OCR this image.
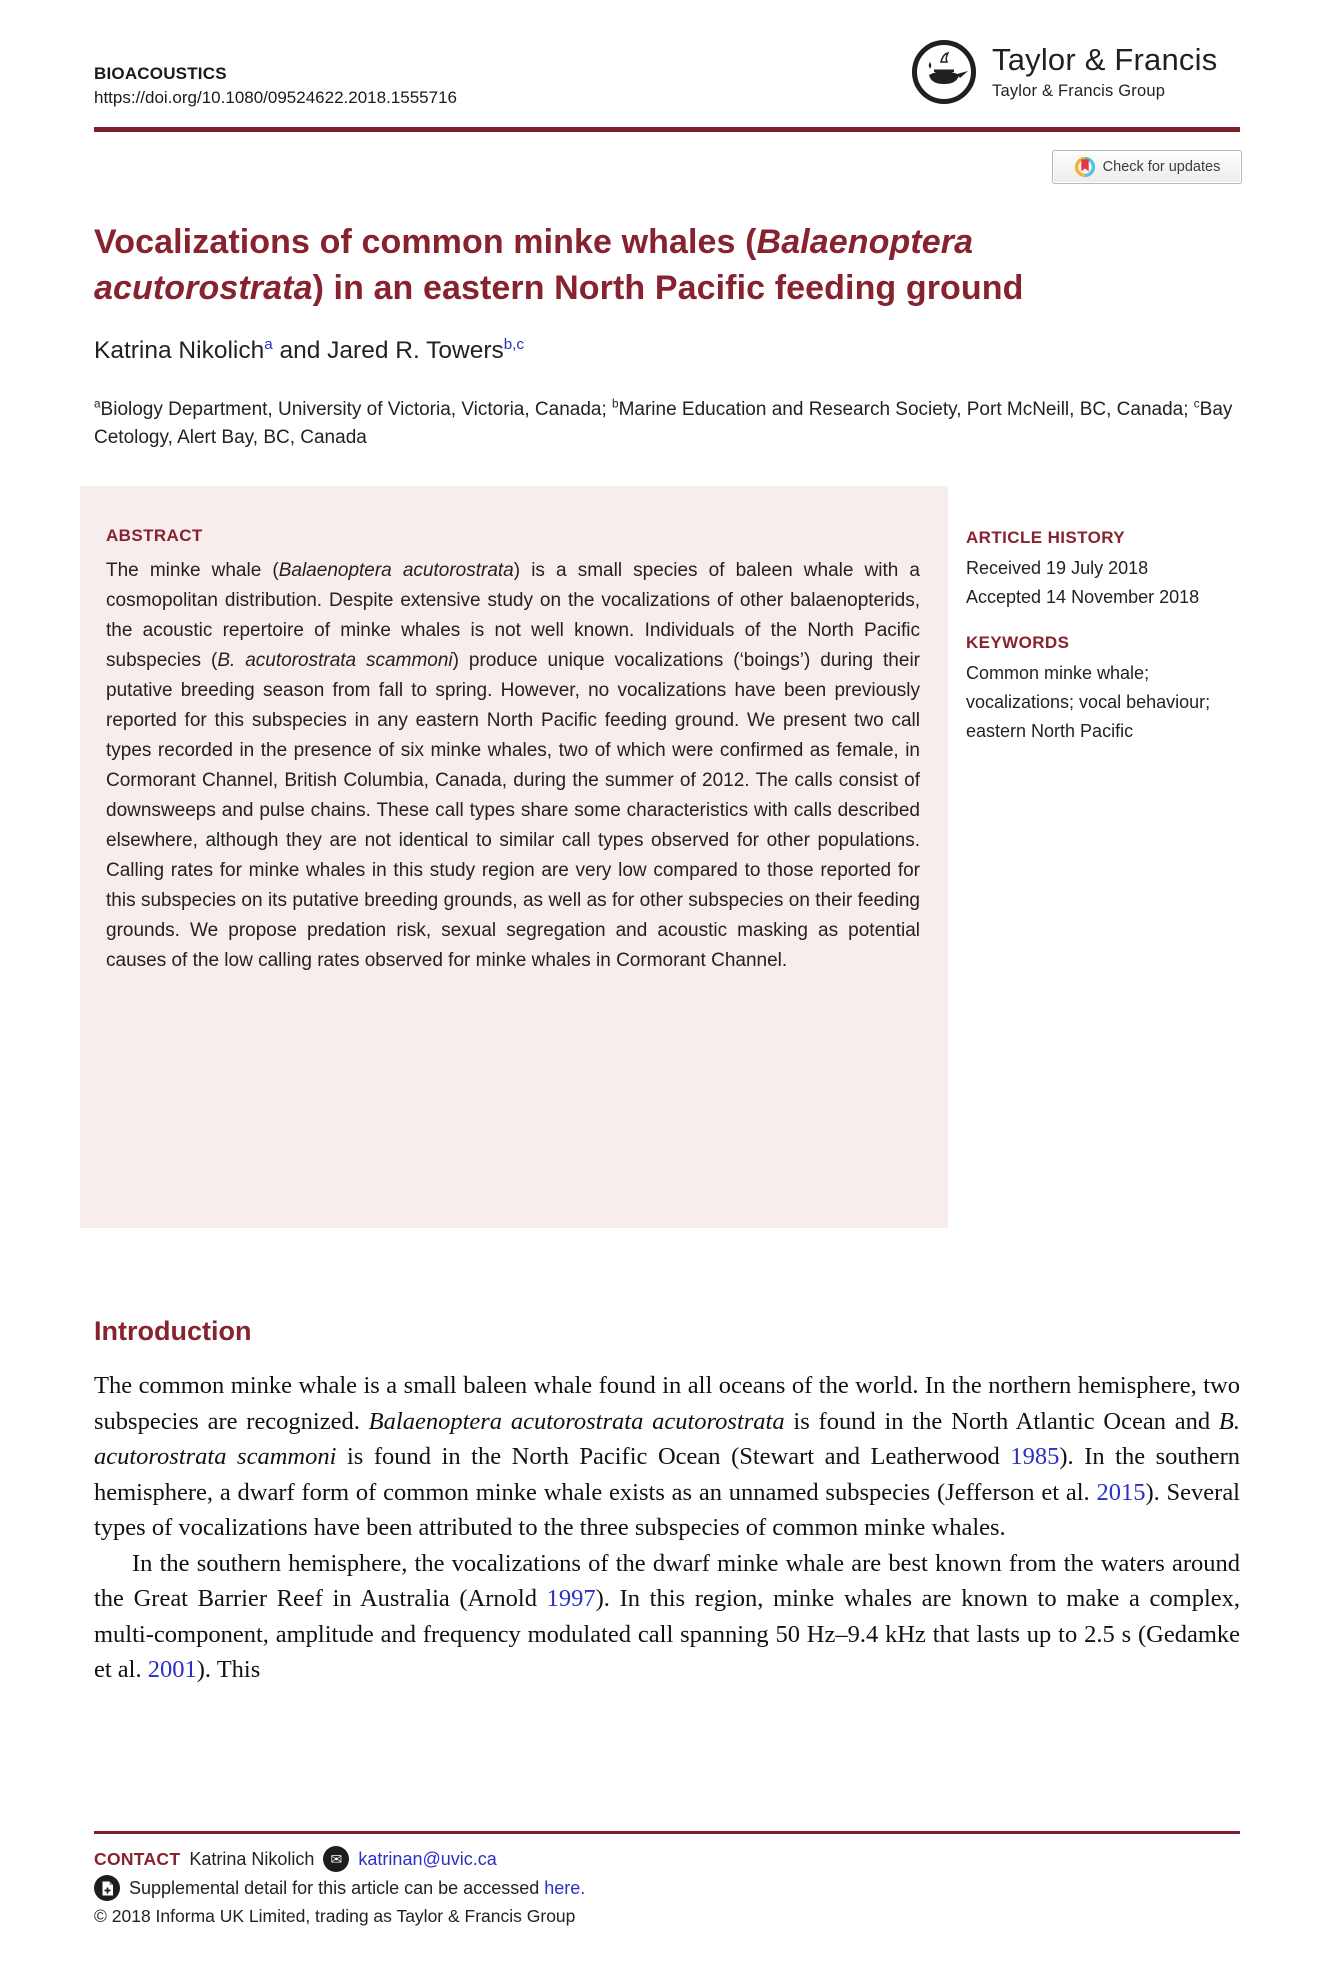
BIOACOUSTICS
https://doi.org/10.1080/09524622.2018.1555716
Taylor & Francis
Taylor & Francis Group
Check for updates
Vocalizations of common minke whales (Balaenoptera
acutorostrata) in an eastern North Pacific feeding ground
Katrina Nikolich$^a$ and Jared R. Towers$^{b,c}$
$^a$Biology Department, University of Victoria, Victoria, Canada; $^b$Marine Education and Research Society, Port McNeill, BC, Canada; $^c$Bay Cetology, Alert Bay, BC, Canada
ABSTRACT
The minke whale (Balaenoptera acutorostrata) is a small species of baleen whale with a cosmopolitan distribution. Despite extensive study on the vocalizations of other balaenopterids, the acoustic repertoire of minke whales is not well known. Individuals of the North Pacific subspecies (B. acutorostrata scammoni) produce unique vocalizations (‘boings’) during their putative breeding season from fall to spring. However, no vocalizations have been previously reported for this subspecies in any eastern North Pacific feeding ground. We present two call types recorded in the presence of six minke whales, two of which were confirmed as female, in Cormorant Channel, British Columbia, Canada, during the summer of 2012. The calls consist of downsweeps and pulse chains. These call types share some characteristics with calls described elsewhere, although they are not identical to similar call types observed for other populations. Calling rates for minke whales in this study region are very low compared to those reported for this subspecies on its putative breeding grounds, as well as for other subspecies on their feeding grounds. We propose predation risk, sexual segregation and acoustic masking as potential causes of the low calling rates observed for minke whales in Cormorant Channel.
ARTICLE HISTORY
Received 19 July 2018
Accepted 14 November 2018
KEYWORDS
Common minke whale; vocalizations; vocal behaviour; eastern North Pacific
Introduction

The common minke whale is a small baleen whale found in all oceans of the world. In the northern hemisphere, two subspecies are recognized. Balaenoptera acutorostrata acutorostrata is found in the North Atlantic Ocean and B. acutorostrata scammoni is found in the North Pacific Ocean (Stewart and Leatherwood 1985). In the southern hemisphere, a dwarf form of common minke whale exists as an unnamed subspecies (Jefferson et al. 2015). Several types of vocalizations have been attributed to the three subspecies of common minke whales.

In the southern hemisphere, the vocalizations of the dwarf minke whale are best known from the waters around the Great Barrier Reef in Australia (Arnold 1997). In this region, minke whales are known to make a complex, multi-component, amplitude and frequency modulated call spanning 50 Hz–9.4 kHz that lasts up to 2.5 s (Gedamke et al. 2001). This

CONTACT Katrina Nikolich ✉ katrinan@uvic.ca
Supplemental detail for this article can be accessed here.
© 2018 Informa UK Limited, trading as Taylor & Francis Group
